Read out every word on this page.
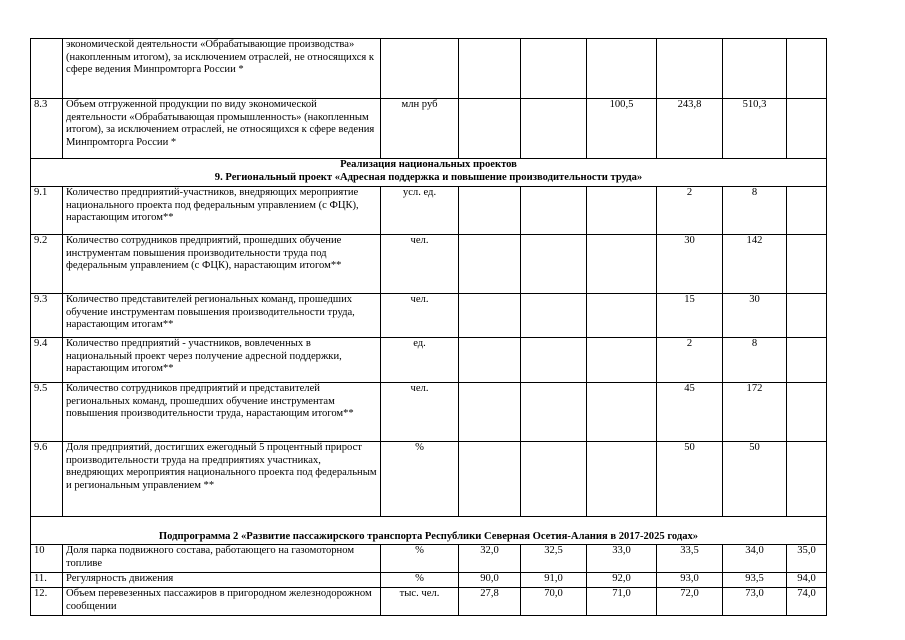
	экономической деятельности «Обрабатывающие производства» (накопленным итогом), за исключением отраслей, не относящихся к сфере ведения Минпромторга России *							
8.3	Объем отгруженной продукции по виду экономической деятельности «Обрабатывающая промышленность» (накопленным итогом), за исключением отраслей, не относящихся к сфере ведения Минпромторга России *	млн руб			100,5	243,8	510,3	

Реализация национальных проектов
9. Региональный проект «Адресная поддержка и повышение производительности труда»								

9.1	Количество предприятий-участников, внедряющих мероприятие национального проекта под федеральным управлением (с ФЦК), нарастающим итогом**	усл. ед.				2	8	
9.2	Количество сотрудников предприятий, прошедших обучение инструментам повышения производительности труда под федеральным управлением (с ФЦК), нарастающим итогом**	чел.				30	142	
9.3	Количество представителей региональных команд, прошедших обучение инструментам повышения производительности труда, нарастающим итогам**	чел.				15	30	
9.4	Количество предприятий - участников, вовлеченных в национальный проект через получение адресной поддержки, нарастающим итогом**	ед.				2	8	
9.5	Количество сотрудников предприятий и представителей региональных команд, прошедших обучение инструментам повышения производительности труда, нарастающим итогом**	чел.				45	172	
9.6	Доля предприятий, достигших ежегодный 5 процентный прирост производительности труда на предприятиях участниках, внедряющих мероприятия национального проекта под федеральным и региональным управлением **	%				50	50	

Подпрограмма 2 «Развитие пассажирского транспорта Республики Северная Осетия-Алания в 2017-2025 годах»								

10	Доля парка подвижного состава, работающего на газомоторном топливе	%	32,0	32,5	33,0	33,5	34,0	35,0
11.	Регулярность движения	%	90,0	91,0	92,0	93,0	93,5	94,0
12.	Объем перевезенных пассажиров в пригородном железнодорожном сообщении	тыс. чел.	27,8	70,0	71,0	72,0	73,0	74,0
